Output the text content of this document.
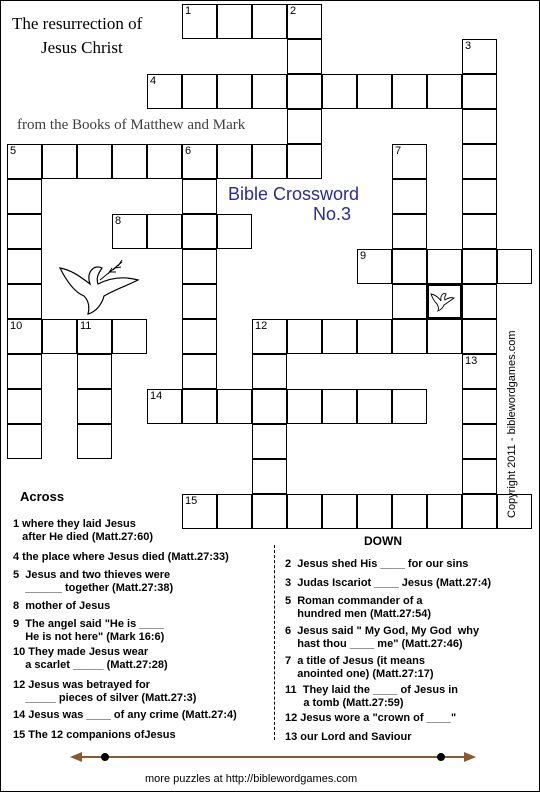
The resurrection of
Jesus Christ
from the Books of Matthew and Mark
Bible Crossword
No.3
1	2
3
13
4
5	6
10
7
8
9
11	12
14
15	Copyright 2011 - biblewordgames.com
Across
DOWN
1 where they laid Jesus
after He died (Matt.27:60)
4 the place where Jesus died (Matt.27:33)
5  Jesus and two thieves were
______ together (Matt.27:38)
8  mother of Jesus
9  The angel said "He is ____
He is not here" (Mark 16:6)
10 They made Jesus wear
a scarlet _____ (Matt.27:28)
12 Jesus was betrayed for
_____ pieces of silver (Matt.27:3)
14 Jesus was ____ of any crime (Matt.27:4)
15 The 12 companions ofJesus
2  Jesus shed His ____ for our sins
3  Judas Iscariot ____ Jesus (Matt.27:4)
5  Roman commander of a
hundred men (Matt.27:54)
6  Jesus said " My God, My God  why
hast thou ____ me" (Matt.27:46)
7  a title of Jesus (it means
anointed one) (Matt.27:17)
11  They laid the ____ of Jesus in
a tomb (Matt.27:59)
12 Jesus wore a "crown of ____"
13 our Lord and Saviour
more puzzles at http://biblewordgames.com
